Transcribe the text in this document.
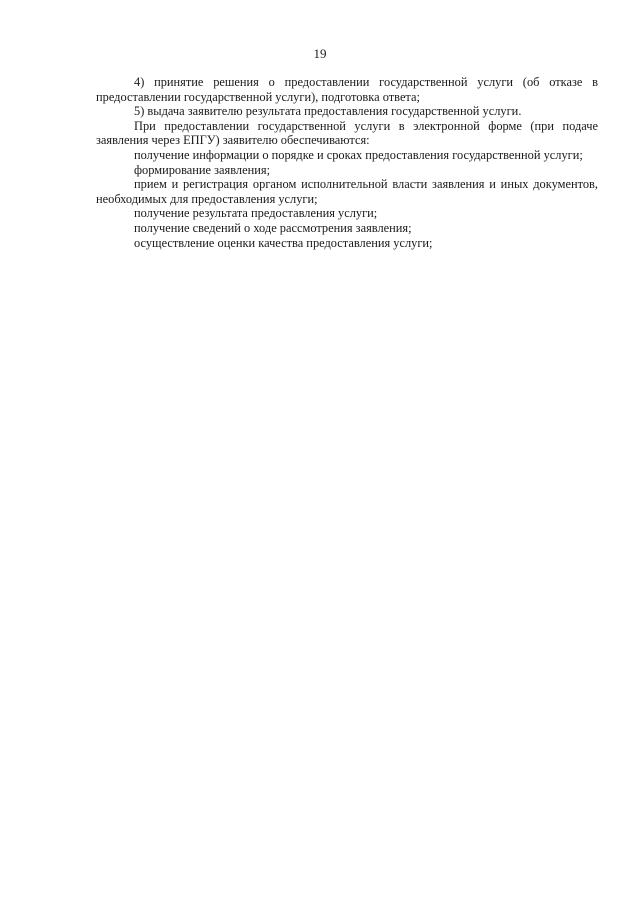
19

4) принятие решения о предоставлении государственной услуги (об отказе в предоставлении государственной услуги), подготовка ответа;

5) выдача заявителю результата предоставления государственной услуги.

При предоставлении государственной услуги в электронной форме (при подаче заявления через ЕПГУ) заявителю обеспечиваются:

получение информации о порядке и сроках предоставления государственной услуги;

формирование заявления;

прием и регистрация органом исполнительной власти заявления и иных документов, необходимых для предоставления услуги;

получение результата предоставления услуги;

получение сведений о ходе рассмотрения заявления;

осуществление оценки качества предоставления услуги;
